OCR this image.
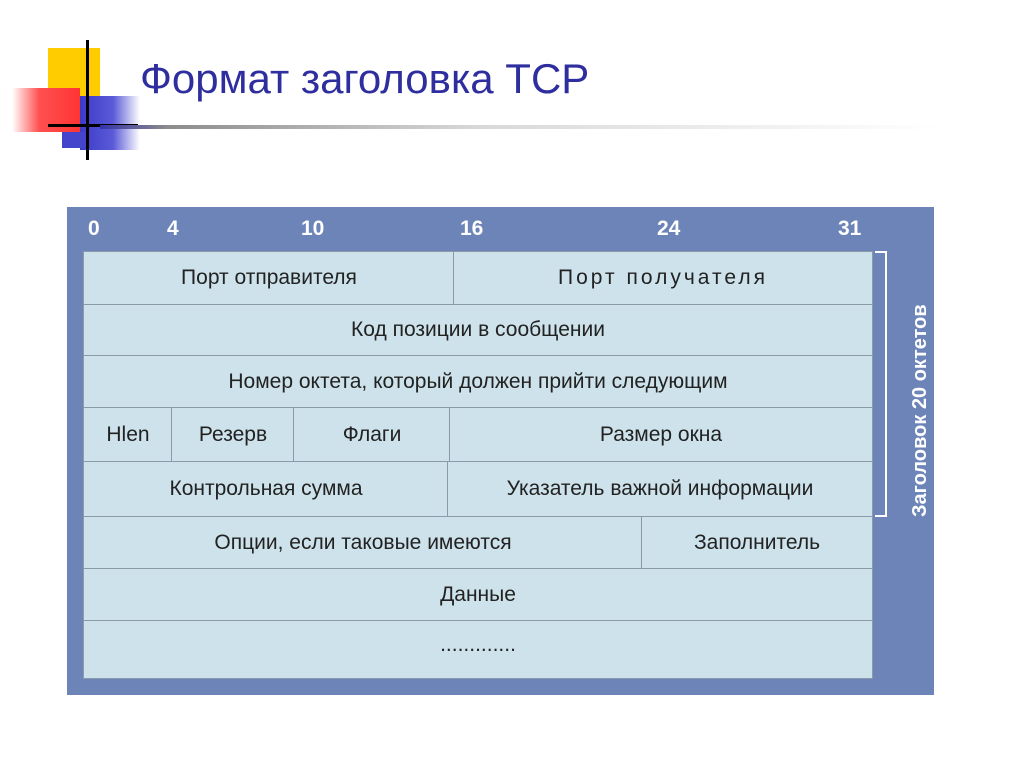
Формат заголовка TCP
0	4	10	16	24	31
Порт отправителя	Порт получателя
Код позиции в сообщении
Номер октета, который должен прийти следующим
Hlen	Резерв	Флаги	Размер окна
Контрольная сумма	Указатель важной информации
Опции, если таковые имеются	Заполнитель
Данные
.............
Заголовок 20 октетов
